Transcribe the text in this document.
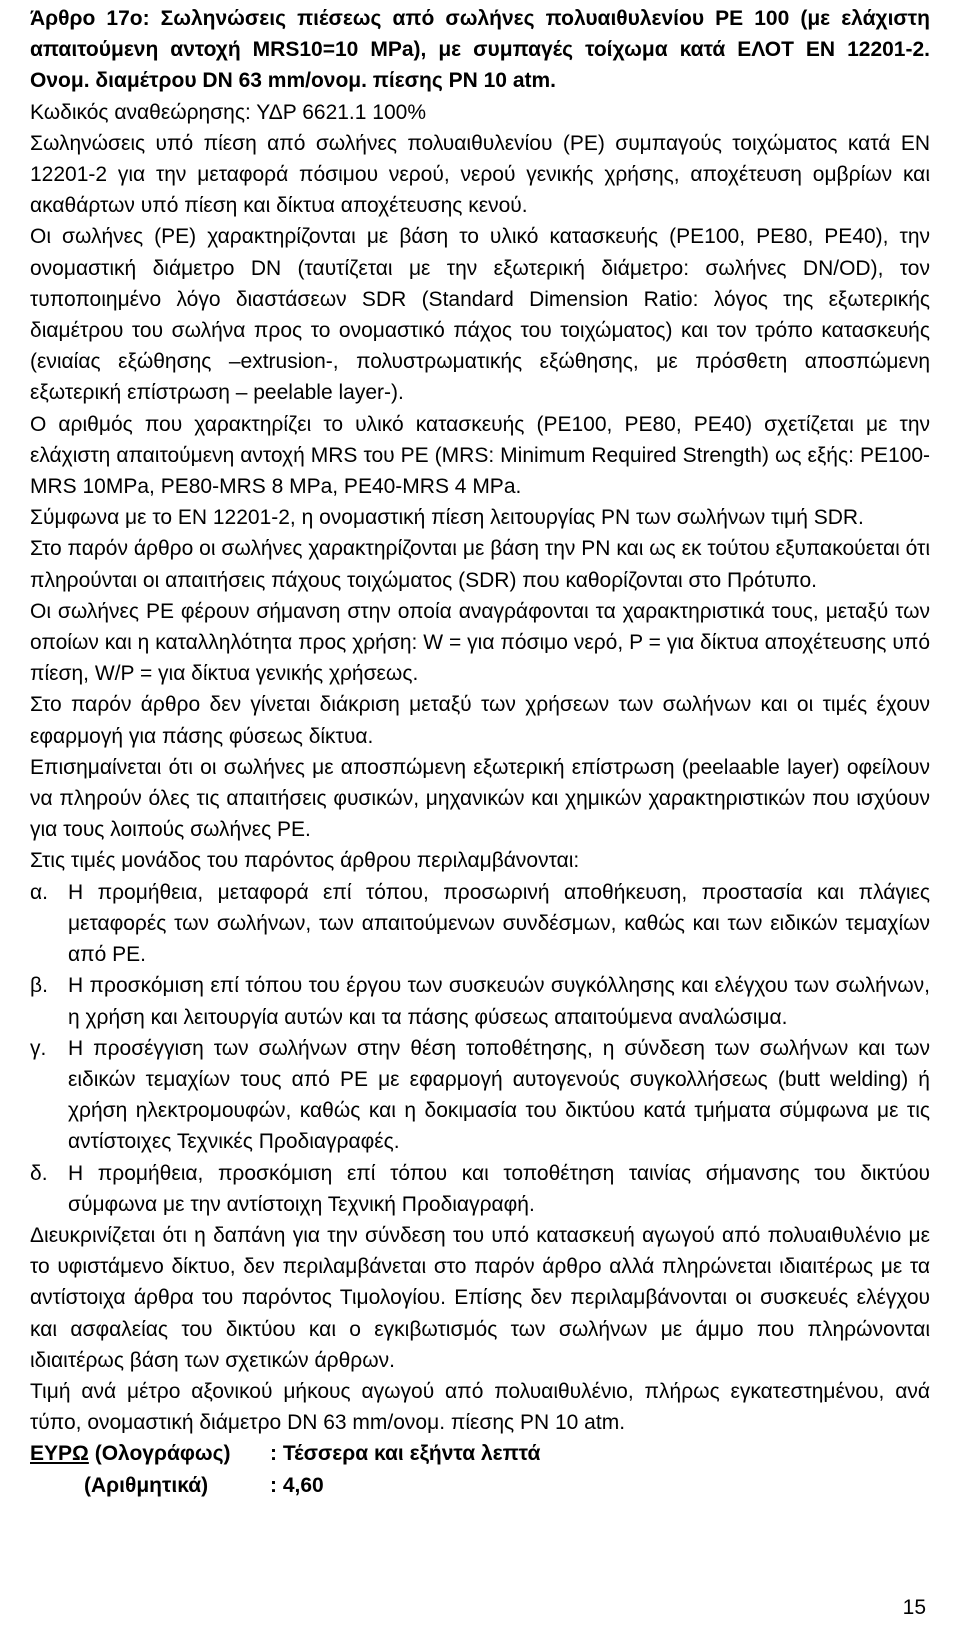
Άρθρο 17ο: Σωληνώσεις πιέσεως από σωλήνες πολυαιθυλενίου PE 100 (με ελάχιστη απαιτούμενη αντοχή MRS10=10 MPa), με συμπαγές τοίχωμα κατά ΕΛΟΤ ΕΝ 12201-2. Ονομ. διαμέτρου DN 63 mm/ονομ. πίεσης PN 10 atm.

Κωδικός αναθεώρησης: ΥΔΡ 6621.1 100%

Σωληνώσεις υπό πίεση από σωλήνες πολυαιθυλενίου (PE) συμπαγούς τοιχώματος κατά ΕΝ 12201-2 για την μεταφορά πόσιμου νερού, νερού γενικής χρήσης, αποχέτευση ομβρίων και ακαθάρτων υπό πίεση και δίκτυα αποχέτευσης κενού.

Οι σωλήνες (PE) χαρακτηρίζονται με βάση το υλικό κατασκευής (PE100, PE80, PE40), την ονομαστική διάμετρο DN (ταυτίζεται με την εξωτερική διάμετρο: σωλήνες DN/OD), τον τυποποιημένο λόγο διαστάσεων SDR (Standard Dimension Ratio: λόγος της εξωτερικής διαμέτρου του σωλήνα προς το ονομαστικό πάχος του τοιχώματος) και τον τρόπο κατασκευής (ενιαίας εξώθησης –extrusion-, πολυστρωματικής εξώθησης, με πρόσθετη αποσπώμενη εξωτερική επίστρωση – peelable layer-).

Ο αριθμός που χαρακτηρίζει το υλικό κατασκευής (PE100, PE80, PE40) σχετίζεται με την ελάχιστη απαιτούμενη αντοχή MRS του PE (MRS: Minimum Required Strength) ως εξής: PE100-MRS 10MPa, PE80-MRS 8 MPa, PE40-MRS 4 MPa.

Σύμφωνα με το ΕΝ 12201-2, η ονομαστική πίεση λειτουργίας PN των σωλήνων τιμή SDR.

Στο παρόν άρθρο οι σωλήνες χαρακτηρίζονται με βάση την PN και ως εκ τούτου εξυπακούεται ότι πληρούνται οι απαιτήσεις πάχους τοιχώματος (SDR) που καθορίζονται στο Πρότυπο.

Οι σωλήνες PE φέρουν σήμανση στην οποία αναγράφονται τα χαρακτηριστικά τους, μεταξύ των οποίων και η καταλληλότητα προς χρήση: W = για πόσιμο νερό, P = για δίκτυα αποχέτευσης υπό πίεση, W/P = για δίκτυα γενικής χρήσεως.

Στο παρόν άρθρο δεν γίνεται διάκριση μεταξύ των χρήσεων των σωλήνων και οι τιμές έχουν εφαρμογή για πάσης φύσεως δίκτυα.

Επισημαίνεται ότι οι σωλήνες με αποσπώμενη εξωτερική επίστρωση (peelaable layer) οφείλουν να πληρούν όλες τις απαιτήσεις φυσικών, μηχανικών και χημικών χαρακτηριστικών που ισχύουν για τους λοιπούς σωλήνες PE.

Στις τιμές μονάδος του παρόντος άρθρου περιλαμβάνονται:

α. Η προμήθεια, μεταφορά επί τόπου, προσωρινή αποθήκευση, προστασία και πλάγιες μεταφορές των σωλήνων, των απαιτούμενων συνδέσμων, καθώς και των ειδικών τεμαχίων από PE.
β. Η προσκόμιση επί τόπου του έργου των συσκευών συγκόλλησης και ελέγχου των σωλήνων, η χρήση και λειτουργία αυτών και τα πάσης φύσεως απαιτούμενα αναλώσιμα.
γ.	Η προσέγγιση των σωλήνων στην θέση τοποθέτησης, η σύνδεση των σωλήνων και των ειδικών τεμαχίων τους από PE με εφαρμογή αυτογενούς συγκολλήσεως (butt welding) ή χρήση ηλεκτρομουφών, καθώς και η δοκιμασία του δικτύου κατά τμήματα σύμφωνα με τις αντίστοιχες Τεχνικές Προδιαγραφές.
δ. Η προμήθεια, προσκόμιση επί τόπου και τοποθέτηση ταινίας σήμανσης του δικτύου σύμφωνα με την αντίστοιχη Τεχνική Προδιαγραφή.

Διευκρινίζεται ότι η δαπάνη για την σύνδεση του υπό κατασκευή αγωγού από πολυαιθυλένιο με το υφιστάμενο δίκτυο, δεν περιλαμβάνεται στο παρόν άρθρο αλλά πληρώνεται ιδιαιτέρως με τα αντίστοιχα άρθρα του παρόντος Τιμολογίου. Επίσης δεν περιλαμβάνονται οι συσκευές ελέγχου και ασφαλείας του δικτύου και ο εγκιβωτισμός των σωλήνων με άμμο που πληρώνονται ιδιαιτέρως βάση των σχετικών άρθρων.

Τιμή ανά μέτρο αξονικού μήκους αγωγού από πολυαιθυλένιο, πλήρως εγκατεστημένου, ανά τύπο, ονομαστική διάμετρο DN 63 mm/ονομ. πίεσης PN 10 atm.

ΕΥΡΩ (Ολογράφως)	: Τέσσερα και εξήντα λεπτά
(Αριθμητικά)	: 4,60
15
